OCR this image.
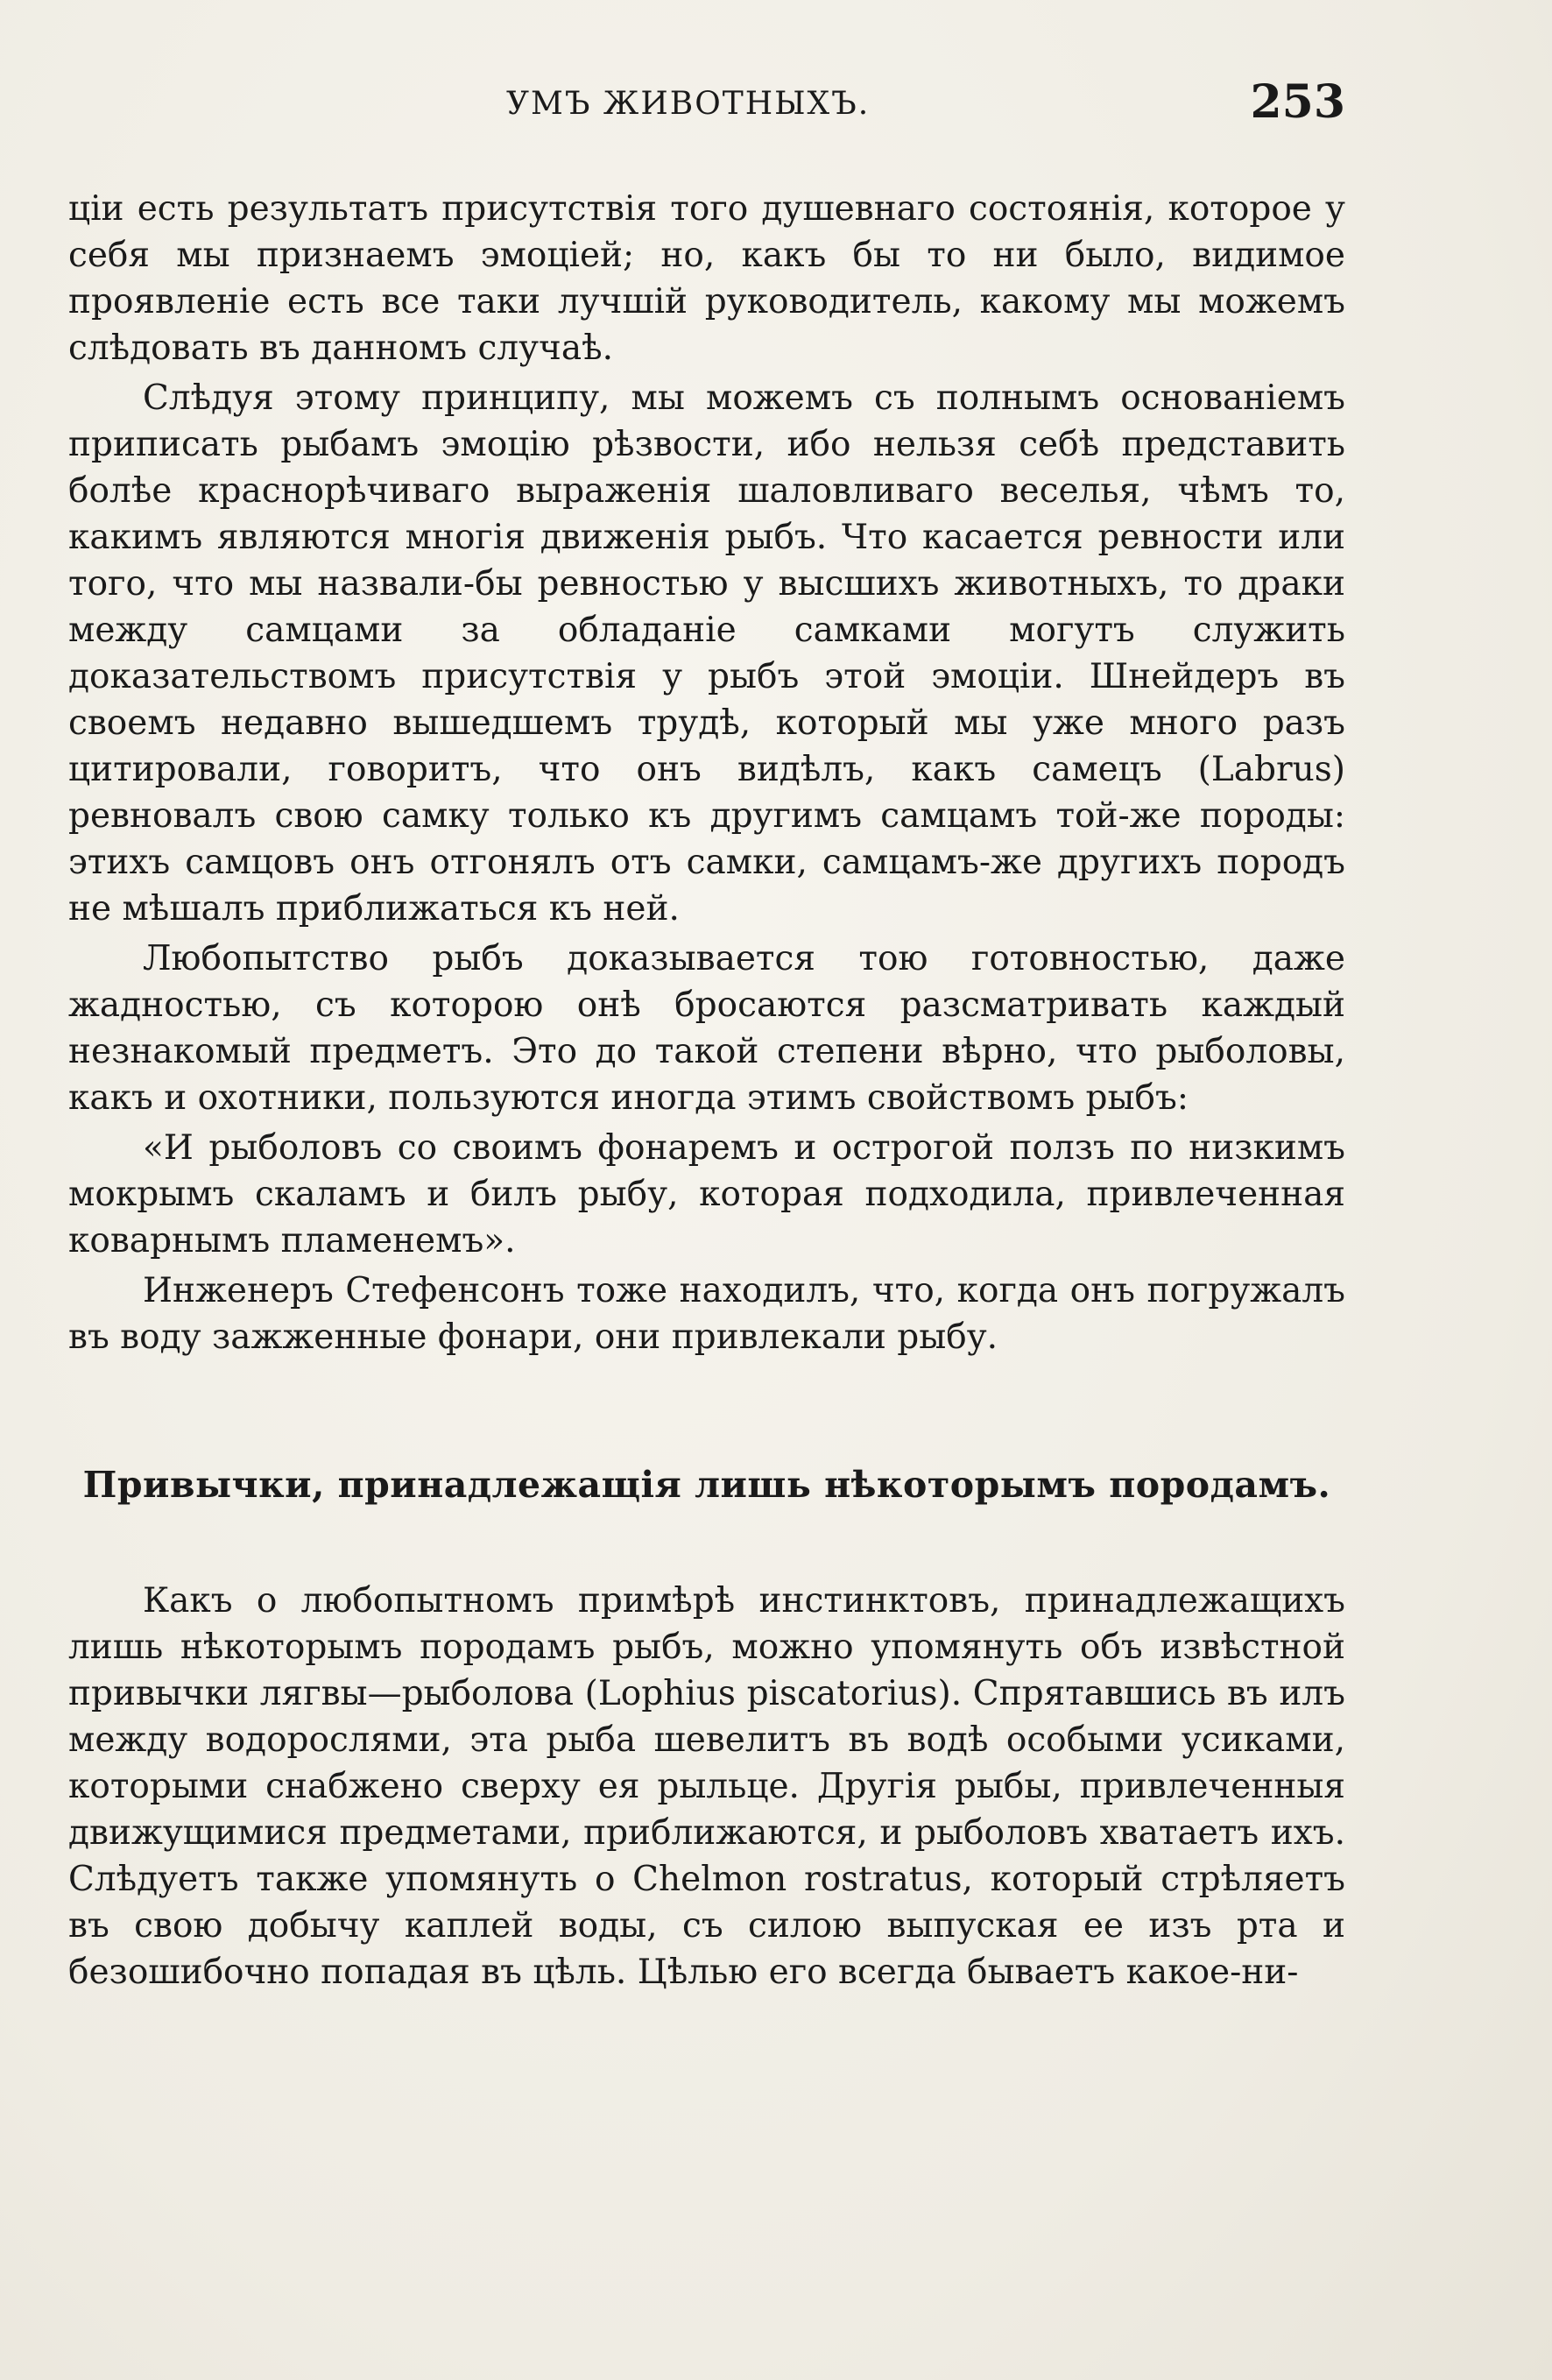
УМЪ ЖИВОТНЫХЪ.	253

ціи есть результатъ присутствія того душевнаго состоянія, которое у себя мы признаемъ эмоціей; но, какъ бы то ни было, видимое проявленіе есть все таки лучшій руководитель, какому мы можемъ слѣдовать въ данномъ случаѣ.

Слѣдуя этому принципу, мы можемъ съ полнымъ основаніемъ приписать рыбамъ эмоцію рѣзвости, ибо нельзя себѣ представить болѣе краснорѣчиваго выраженія шаловливаго веселья, чѣмъ то, какимъ являются многія движенія рыбъ. Что касается ревности или того, что мы назвали-бы ревностью у высшихъ животныхъ, то драки между самцами за обладаніе самками могутъ служить доказательствомъ присутствія у рыбъ этой эмоціи. Шнейдеръ въ своемъ недавно вышедшемъ трудѣ, который мы уже много разъ цитировали, говоритъ, что онъ видѣлъ, какъ самецъ (Labrus) ревновалъ свою самку только къ другимъ самцамъ той-же породы: этихъ самцовъ онъ отгонялъ отъ самки, самцамъ-же другихъ породъ не мѣшалъ приближаться къ ней.

Любопытство рыбъ доказывается тою готовностью, даже жадностью, съ которою онѣ бросаются разсматривать каждый незнакомый предметъ. Это до такой степени вѣрно, что рыболовы, какъ и охотники, пользуются иногда этимъ свойствомъ рыбъ:

«И рыболовъ со своимъ фонаремъ и острогой ползъ по низкимъ мокрымъ скаламъ и билъ рыбу, которая подходила, привлеченная коварнымъ пламенемъ».

Инженеръ Стефенсонъ тоже находилъ, что, когда онъ погружалъ въ воду зажженные фонари, они привлекали рыбу.

Привычки, принадлежащія лишь нѣкоторымъ породамъ.

Какъ о любопытномъ примѣрѣ инстинктовъ, принадлежащихъ лишь нѣкоторымъ породамъ рыбъ, можно упомянуть объ извѣстной привычки лягвы—рыболова (Lophius piscatorius). Спрятавшись въ илъ между водорослями, эта рыба шевелитъ въ водѣ особыми усиками, которыми снабжено сверху ея рыльце. Другія рыбы, привлеченныя движущимися предметами, приближаются, и рыболовъ хватаетъ ихъ. Слѣдуетъ также упомянуть о Chelmon rostratus, который стрѣляетъ въ свою добычу каплей воды, съ силою выпуская ее изъ рта и безошибочно попадая въ цѣль. Цѣлью его всегда бываетъ какое-ни-
